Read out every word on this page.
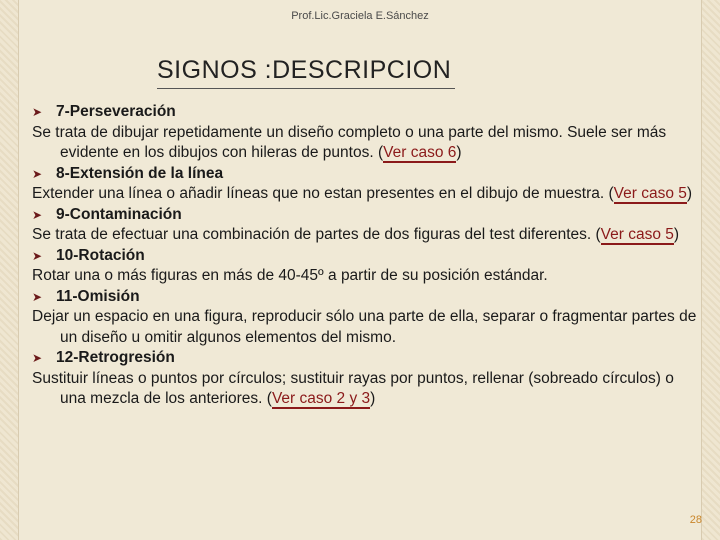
Prof.Lic.Graciela E.Sánchez
SIGNOS :DESCRIPCION
➤ 7-Perseveración
Se trata de dibujar repetidamente un diseño completo o una parte del mismo. Suele ser más evidente en los dibujos con hileras de puntos. (Ver caso 6)
➤ 8-Extensión de la línea
Extender una línea o añadir líneas que no estan presentes en el dibujo de muestra. (Ver caso 5)
➤ 9-Contaminación
Se trata de efectuar una combinación de partes de dos figuras del test diferentes. (Ver caso 5)
➤ 10-Rotación
Rotar una o más figuras en más de 40-45º a partir de su posición estándar.
➤ 11-Omisión
Dejar un espacio en una figura, reproducir sólo una parte de ella, separar o fragmentar partes de un diseño u omitir algunos elementos del mismo.
➤ 12-Retrogresión
Sustituir líneas o puntos por círculos; sustituir rayas por puntos, rellenar (sobreado círculos) o una mezcla de los anteriores. (Ver caso 2 y 3)
28
